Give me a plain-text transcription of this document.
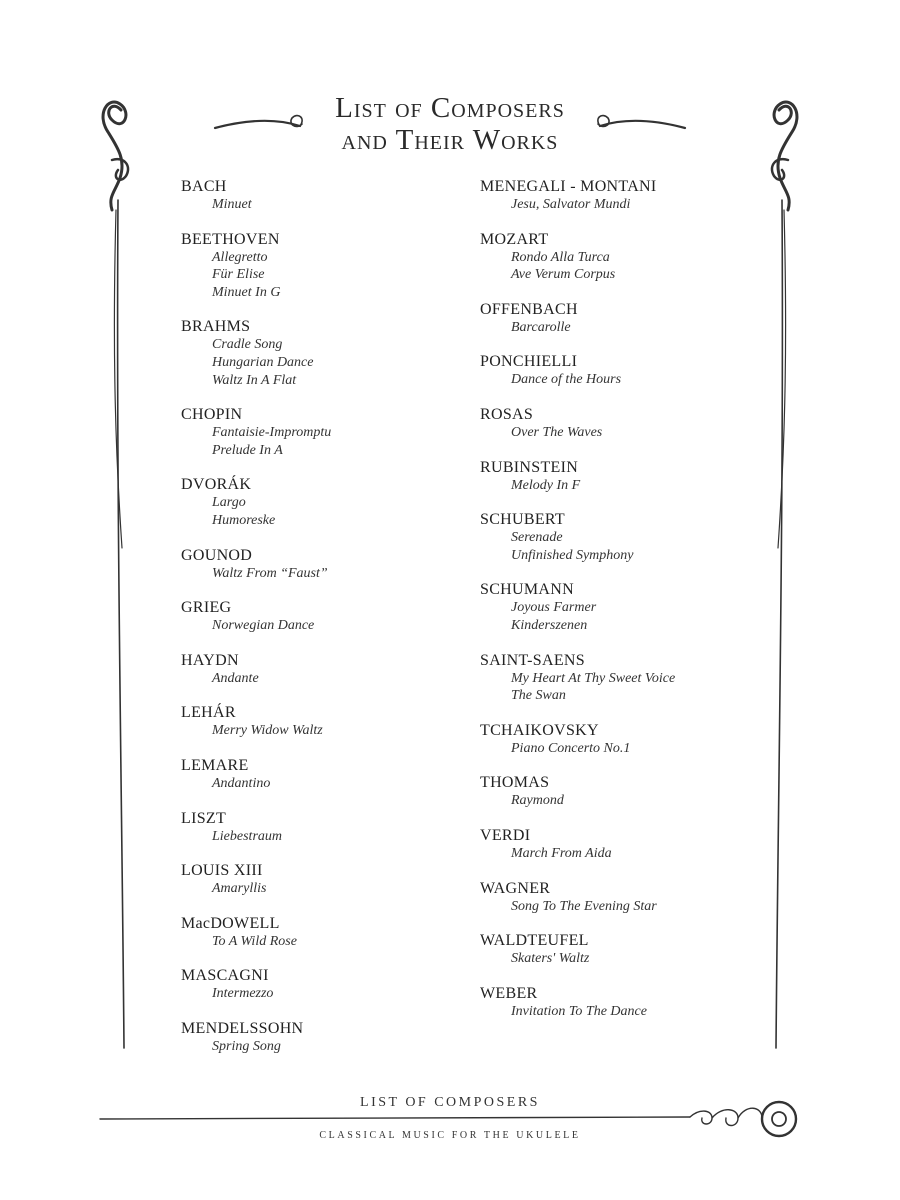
List of Composers
and Their Works
BACH
Minuet
BEETHOVEN
Allegretto
Für Elise
Minuet In G
BRAHMS
Cradle Song
Hungarian Dance
Waltz In A Flat
CHOPIN
Fantaisie-Impromptu
Prelude In A
DVORÁK
Largo
Humoreske
GOUNOD
Waltz From “Faust”
GRIEG
Norwegian Dance
HAYDN
Andante
LEHÁR
Merry Widow Waltz
LEMARE
Andantino
LISZT
Liebestraum
LOUIS XIII
Amaryllis
MacDOWELL
To A Wild Rose
MASCAGNI
Intermezzo
MENDELSSOHN
Spring Song
MENEGALI - MONTANI
Jesu, Salvator Mundi
MOZART
Rondo Alla Turca
Ave Verum Corpus
OFFENBACH
Barcarolle
PONCHIELLI
Dance of the Hours
ROSAS
Over The Waves
RUBINSTEIN
Melody In F
SCHUBERT
Serenade
Unfinished Symphony
SCHUMANN
Joyous Farmer
Kinderszenen
SAINT-SAENS
My Heart At Thy Sweet Voice
The Swan
TCHAIKOVSKY
Piano Concerto No.1
THOMAS
Raymond
VERDI
March From Aida
WAGNER
Song To The Evening Star
WALDTEUFEL
Skaters' Waltz
WEBER
Invitation To The Dance
LIST OF COMPOSERS
CLASSICAL MUSIC FOR THE UKULELE
